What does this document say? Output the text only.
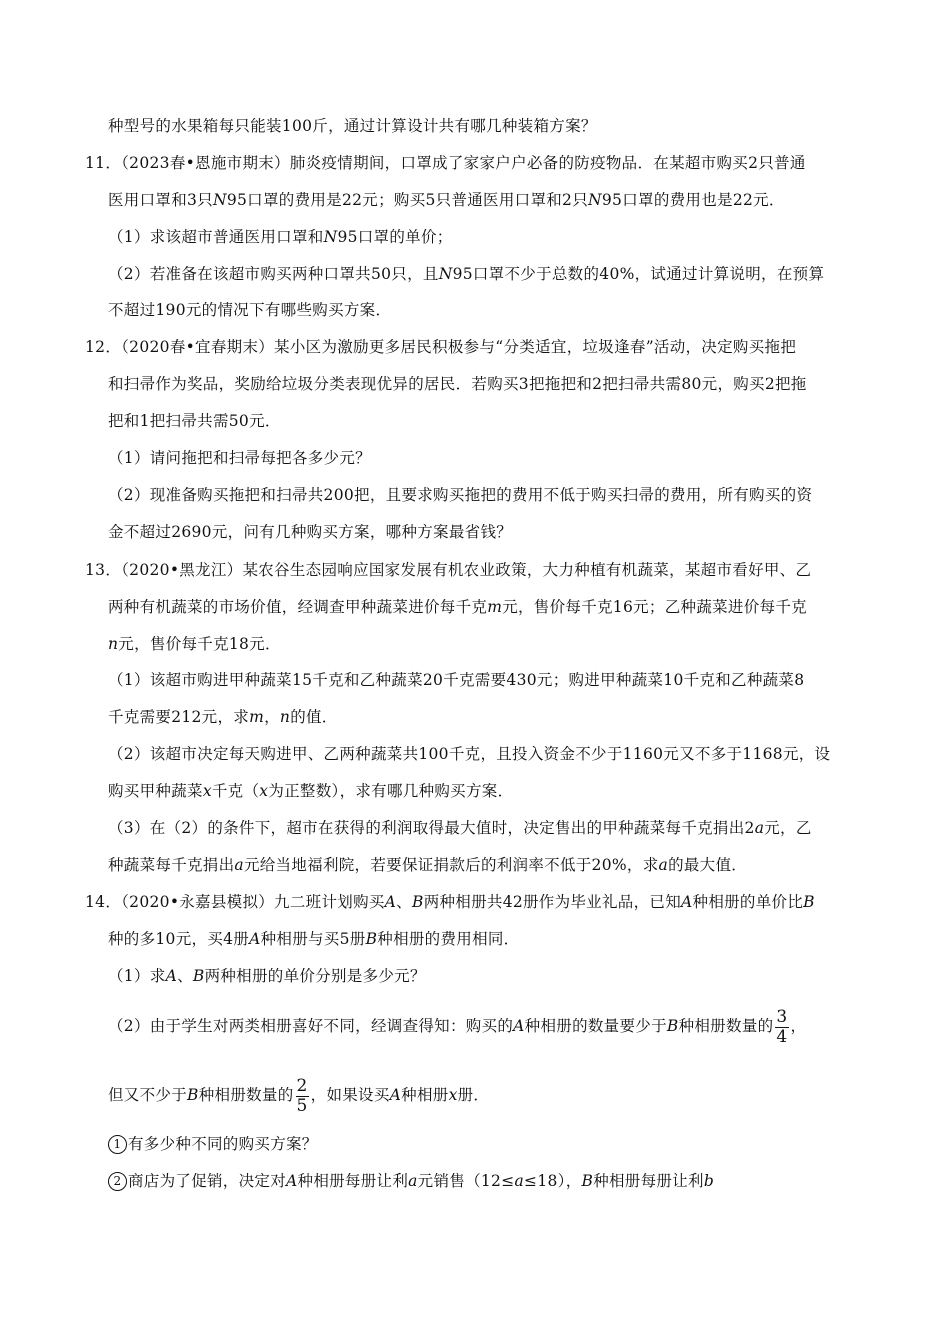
种型号的水果箱每只能装100斤，通过计算设计共有哪几种装箱方案？
11．（2023春•恩施市期末）肺炎疫情期间，口罩成了家家户户必备的防疫物品．在某超市购买2只普通
医用口罩和3只N95口罩的费用是22元；购买5只普通医用口罩和2只N95口罩的费用也是22元．
（1）求该超市普通医用口罩和N95口罩的单价；
（2）若准备在该超市购买两种口罩共50只，且N95口罩不少于总数的40%，试通过计算说明，在预算
不超过190元的情况下有哪些购买方案．
12．（2020春•宜春期末）某小区为激励更多居民积极参与“分类适宜，垃圾逢春”活动，决定购买拖把
和扫帚作为奖品，奖励给垃圾分类表现优异的居民．若购买3把拖把和2把扫帚共需80元，购买2把拖
把和1把扫帚共需50元．
（1）请问拖把和扫帚每把各多少元？
（2）现准备购买拖把和扫帚共200把，且要求购买拖把的费用不低于购买扫帚的费用，所有购买的资
金不超过2690元，问有几种购买方案，哪种方案最省钱？
13．（2020•黑龙江）某农谷生态园响应国家发展有机农业政策，大力种植有机蔬菜，某超市看好甲、乙
两种有机蔬菜的市场价值，经调查甲种蔬菜进价每千克m元，售价每千克16元；乙种蔬菜进价每千克
n元，售价每千克18元．
（1）该超市购进甲种蔬菜15千克和乙种蔬菜20千克需要430元；购进甲种蔬菜10千克和乙种蔬菜8
千克需要212元，求m，n的值．
（2）该超市决定每天购进甲、乙两种蔬菜共100千克，且投入资金不少于1160元又不多于1168元，设
购买甲种蔬菜x千克（x为正整数），求有哪几种购买方案．
（3）在（2）的条件下，超市在获得的利润取得最大值时，决定售出的甲种蔬菜每千克捐出2a元，乙
种蔬菜每千克捐出a元给当地福利院，若要保证捐款后的利润率不低于20%，求a的最大值．
14．（2020•永嘉县模拟）九二班计划购买A、B两种相册共42册作为毕业礼品，已知A种相册的单价比B
种的多10元，买4册A种相册与买5册B种相册的费用相同．
（1）求A、B两种相册的单价分别是多少元？
（2）由于学生对两类相册喜好不同，经调查得知：购买的A种相册的数量要少于B种相册数量的 $\frac{3}{4}$ ，
但又不少于B种相册数量的 $\frac{2}{5}$ ，如果设买A种相册x册．
1 有多少种不同的购买方案？
2 商店为了促销，决定对A种相册每册让利a元销售（12≤a≤18），B种相册每册让利b
